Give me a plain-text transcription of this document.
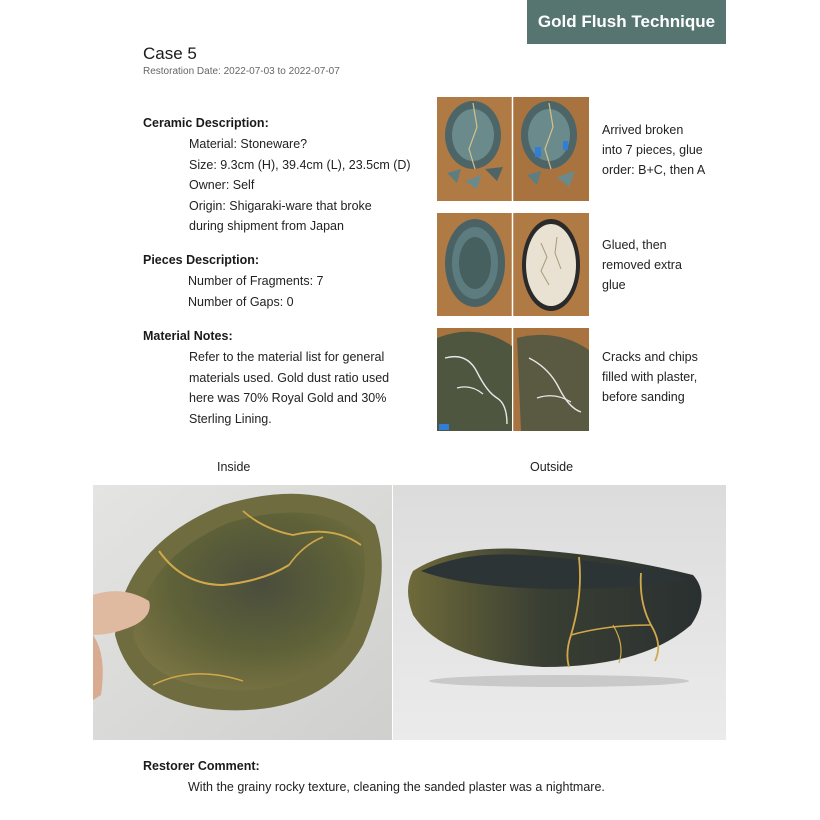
Gold Flush Technique
Case 5
Restoration Date: 2022-07-03 to 2022-07-07
Ceramic Description:
Material: Stoneware?
Size: 9.3cm (H), 39.4cm (L), 23.5cm (D)
Owner: Self
Origin: Shigaraki-ware that broke
during shipment from Japan
Pieces Description:
Number of Fragments: 7
Number of Gaps: 0
Material Notes:
Refer to the material list for general
materials used. Gold dust ratio used
here was 70% Royal Gold and 30%
Sterling Lining.
Arrived broken
into 7 pieces, glue
order: B+C, then A
Glued, then
removed extra
glue
Cracks and chips
filled with plaster,
before sanding
Inside	Outside
Restorer Comment:
With the grainy rocky texture, cleaning the sanded plaster was a nightmare.
